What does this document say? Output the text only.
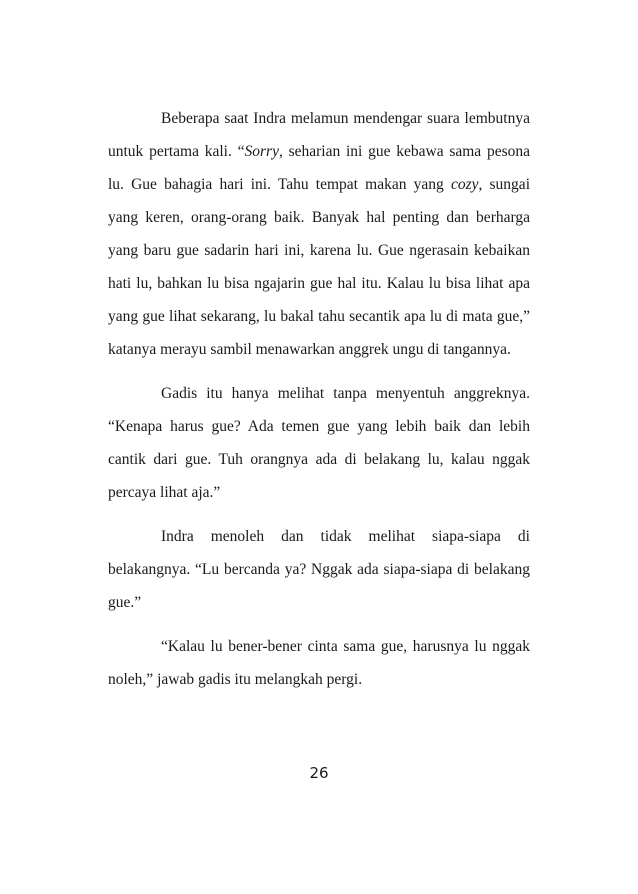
Beberapa saat Indra melamun mendengar suara lembutnya untuk pertama kali. “Sorry, seharian ini gue kebawa sama pesona lu. Gue bahagia hari ini. Tahu tempat makan yang cozy, sungai yang keren, orang-orang baik. Banyak hal penting dan berharga yang baru gue sadarin hari ini, karena lu. Gue ngerasain kebaikan hati lu, bahkan lu bisa ngajarin gue hal itu. Kalau lu bisa lihat apa yang gue lihat sekarang, lu bakal tahu secantik apa lu di mata gue,” katanya merayu sambil menawarkan anggrek ungu di tangannya.

Gadis itu hanya melihat tanpa menyentuh anggreknya. “Kenapa harus gue? Ada temen gue yang lebih baik dan lebih cantik dari gue. Tuh orangnya ada di belakang lu, kalau nggak percaya lihat aja.”

Indra menoleh dan tidak melihat siapa-siapa di belakangnya. “Lu bercanda ya? Nggak ada siapa-siapa di belakang gue.”

“Kalau lu bener-bener cinta sama gue, harusnya lu nggak noleh,” jawab gadis itu melangkah pergi.

26
